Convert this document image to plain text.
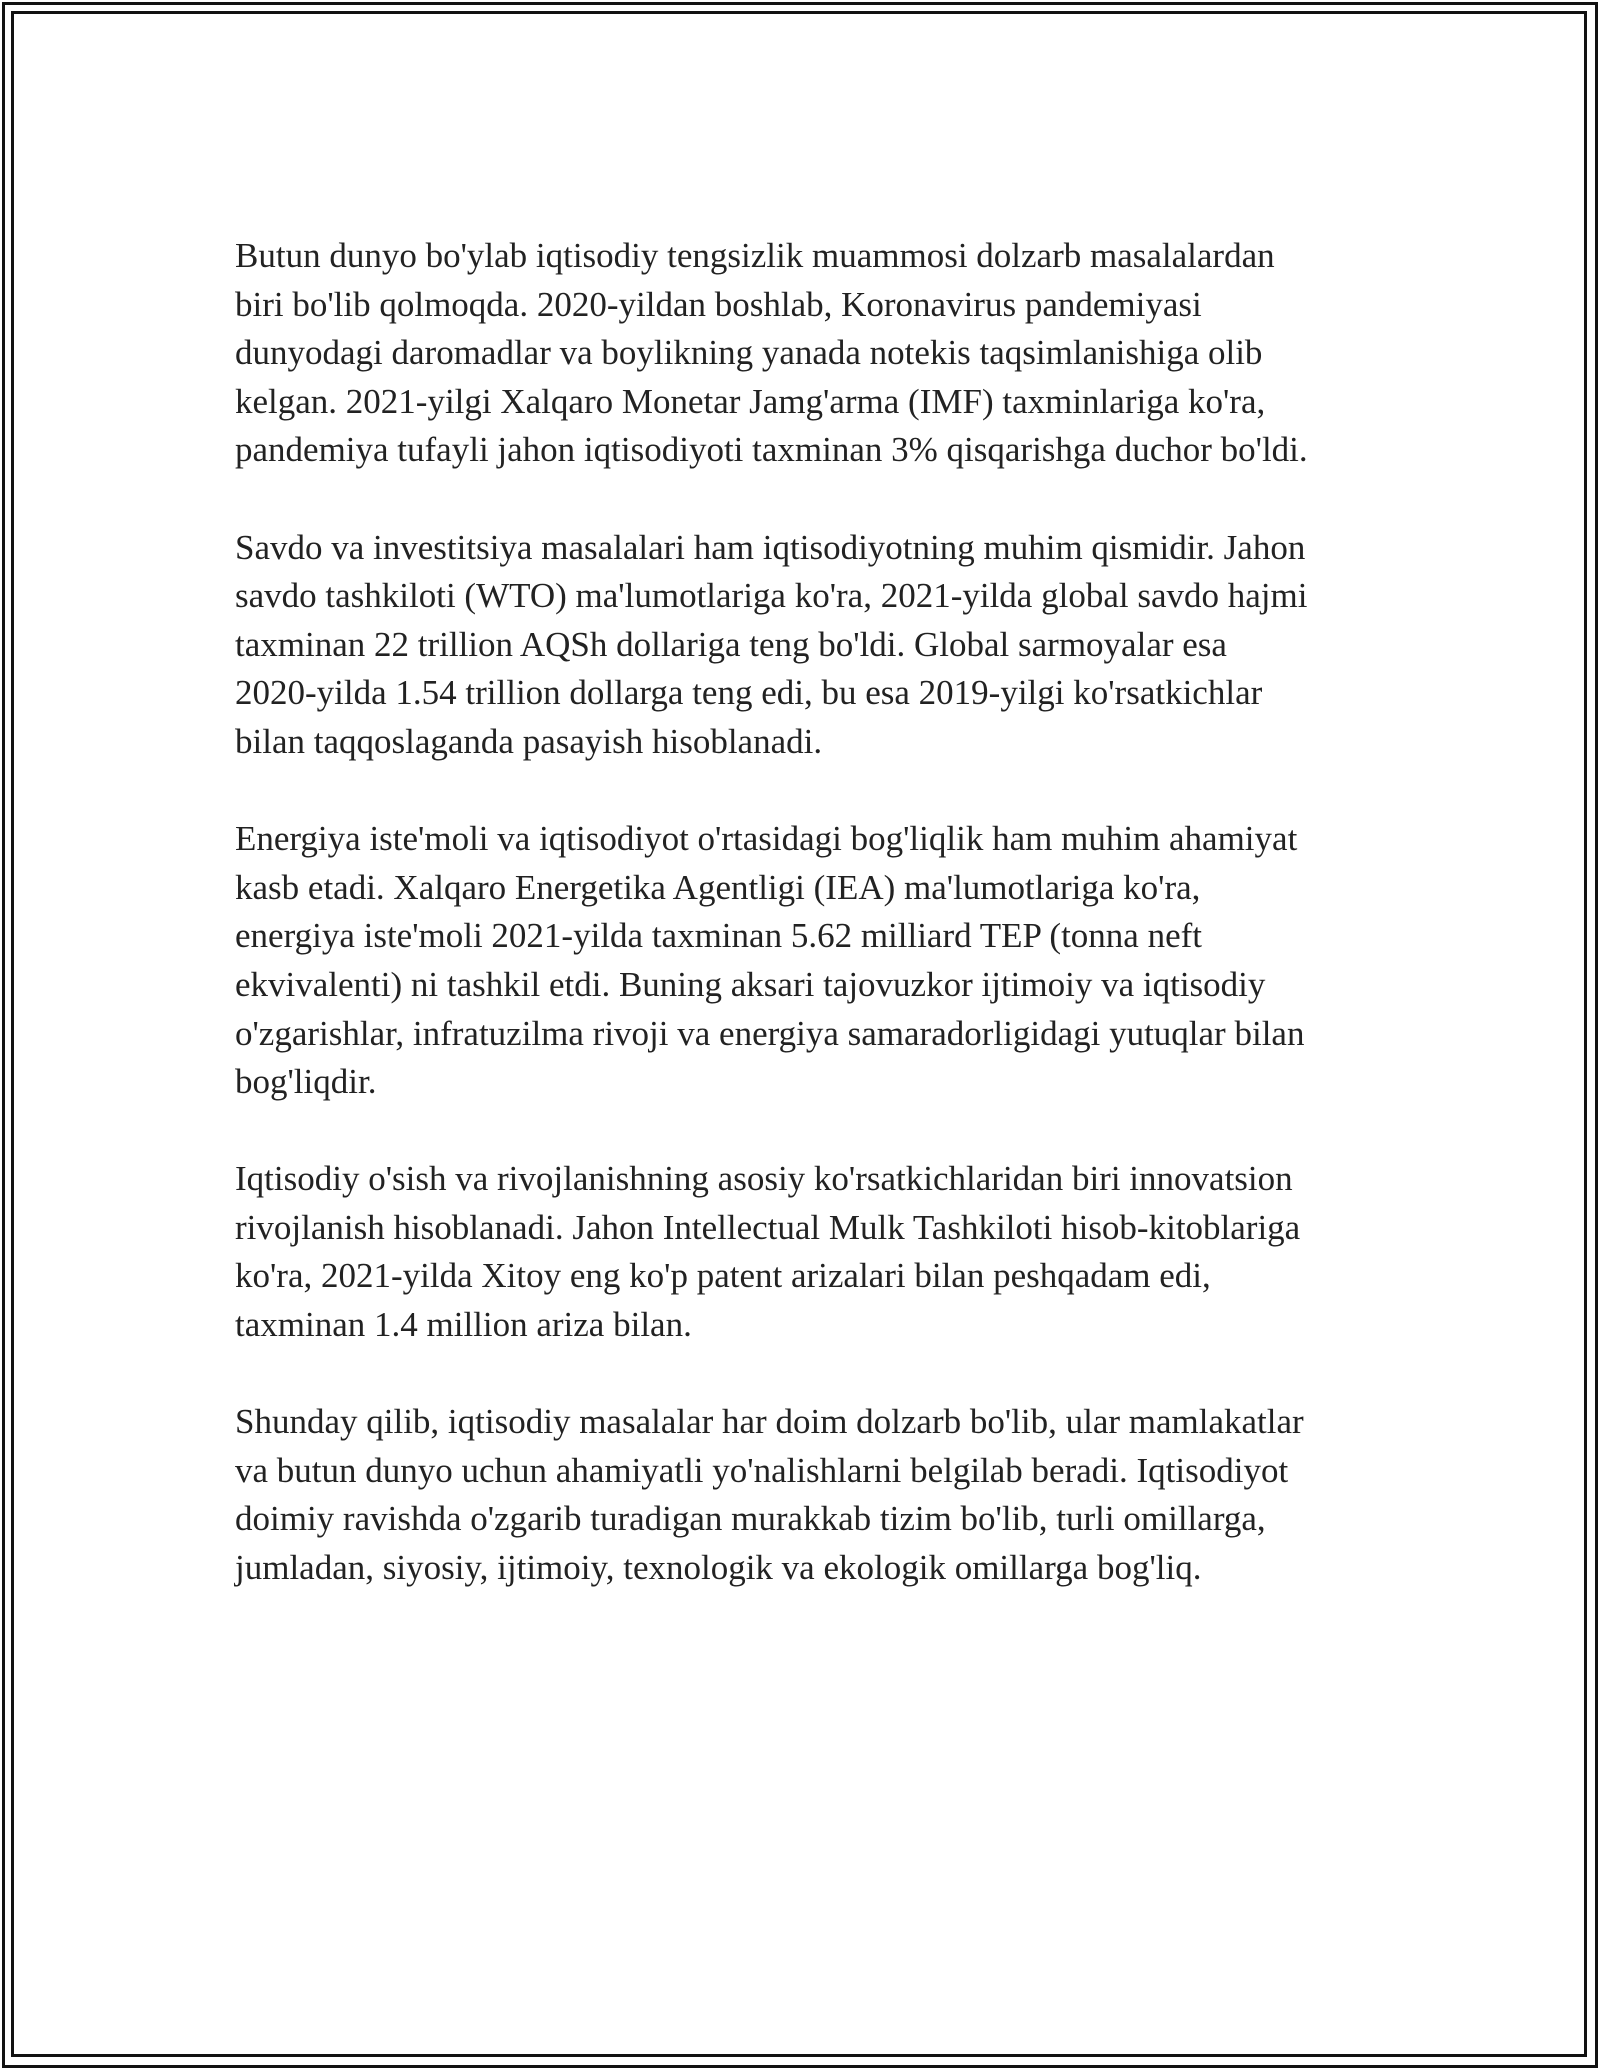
Butun dunyo bo'ylab iqtisodiy tengsizlik muammosi dolzarb masalalardan
biri bo'lib qolmoqda. 2020-yildan boshlab, Koronavirus pandemiyasi
dunyodagi daromadlar va boylikning yanada notekis taqsimlanishiga olib
kelgan. 2021-yilgi Xalqaro Monetar Jamg'arma (IMF) taxminlariga ko'ra,
pandemiya tufayli jahon iqtisodiyoti taxminan 3% qisqarishga duchor bo'ldi.

Savdo va investitsiya masalalari ham iqtisodiyotning muhim qismidir. Jahon
savdo tashkiloti (WTO) ma'lumotlariga ko'ra, 2021-yilda global savdo hajmi
taxminan 22 trillion AQSh dollariga teng bo'ldi. Global sarmoyalar esa
2020-yilda 1.54 trillion dollarga teng edi, bu esa 2019-yilgi ko'rsatkichlar
bilan taqqoslaganda pasayish hisoblanadi.

Energiya iste'moli va iqtisodiyot o'rtasidagi bog'liqlik ham muhim ahamiyat
kasb etadi. Xalqaro Energetika Agentligi (IEA) ma'lumotlariga ko'ra,
energiya iste'moli 2021-yilda taxminan 5.62 milliard TEP (tonna neft
ekvivalenti) ni tashkil etdi. Buning aksari tajovuzkor ijtimoiy va iqtisodiy
o'zgarishlar, infratuzilma rivoji va energiya samaradorligidagi yutuqlar bilan
bog'liqdir.

Iqtisodiy o'sish va rivojlanishning asosiy ko'rsatkichlaridan biri innovatsion
rivojlanish hisoblanadi. Jahon Intellectual Mulk Tashkiloti hisob-kitoblariga
ko'ra, 2021-yilda Xitoy eng ko'p patent arizalari bilan peshqadam edi,
taxminan 1.4 million ariza bilan.

Shunday qilib, iqtisodiy masalalar har doim dolzarb bo'lib, ular mamlakatlar
va butun dunyo uchun ahamiyatli yo'nalishlarni belgilab beradi. Iqtisodiyot
doimiy ravishda o'zgarib turadigan murakkab tizim bo'lib, turli omillarga,
jumladan, siyosiy, ijtimoiy, texnologik va ekologik omillarga bog'liq.
